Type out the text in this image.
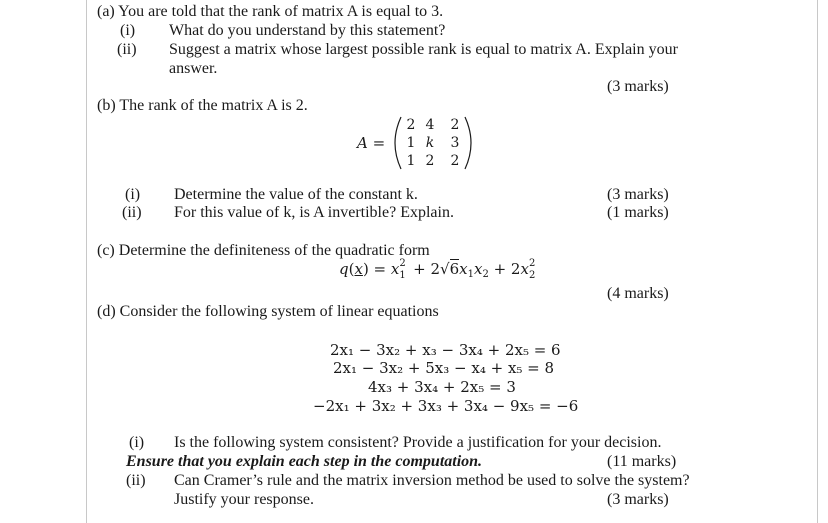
(a) You are told that the rank of matrix A is equal to 3.
(i) What do you understand by this statement?
(ii) Suggest a matrix whose largest possible rank is equal to matrix A. Explain your
answer.
(3 marks)
(b) The rank of the matrix A is 2.
A =
2 4 2
1 k 3
1 2 2
(i) Determine the value of the constant k.	(3 marks)
(ii) For this value of k, is A invertible? Explain.	(1 marks)
(c) Determine the definiteness of the quadratic form
q(x) = x 2
$1 + 2√6x_1x_2 + 2x$ 2
2
(4 marks)
(d) Consider the following system of linear equations
2x₁ − 3x₂ + x₃ − 3x₄ + 2x₅ = 6
2x₁ − 3x₂ + 5x₃ − x₄ + x₅ = 8
4x₃ + 3x₄ + 2x₅ = 3
−2x₁ + 3x₂ + 3x₃ + 3x₄ − 9x₅ = −6
(i) Is the following system consistent? Provide a justification for your decision.
Ensure that you explain each step in the computation.	(11 marks)
(ii) Can Cramer’s rule and the matrix inversion method be used to solve the system?
Justify your response.	(3 marks)
